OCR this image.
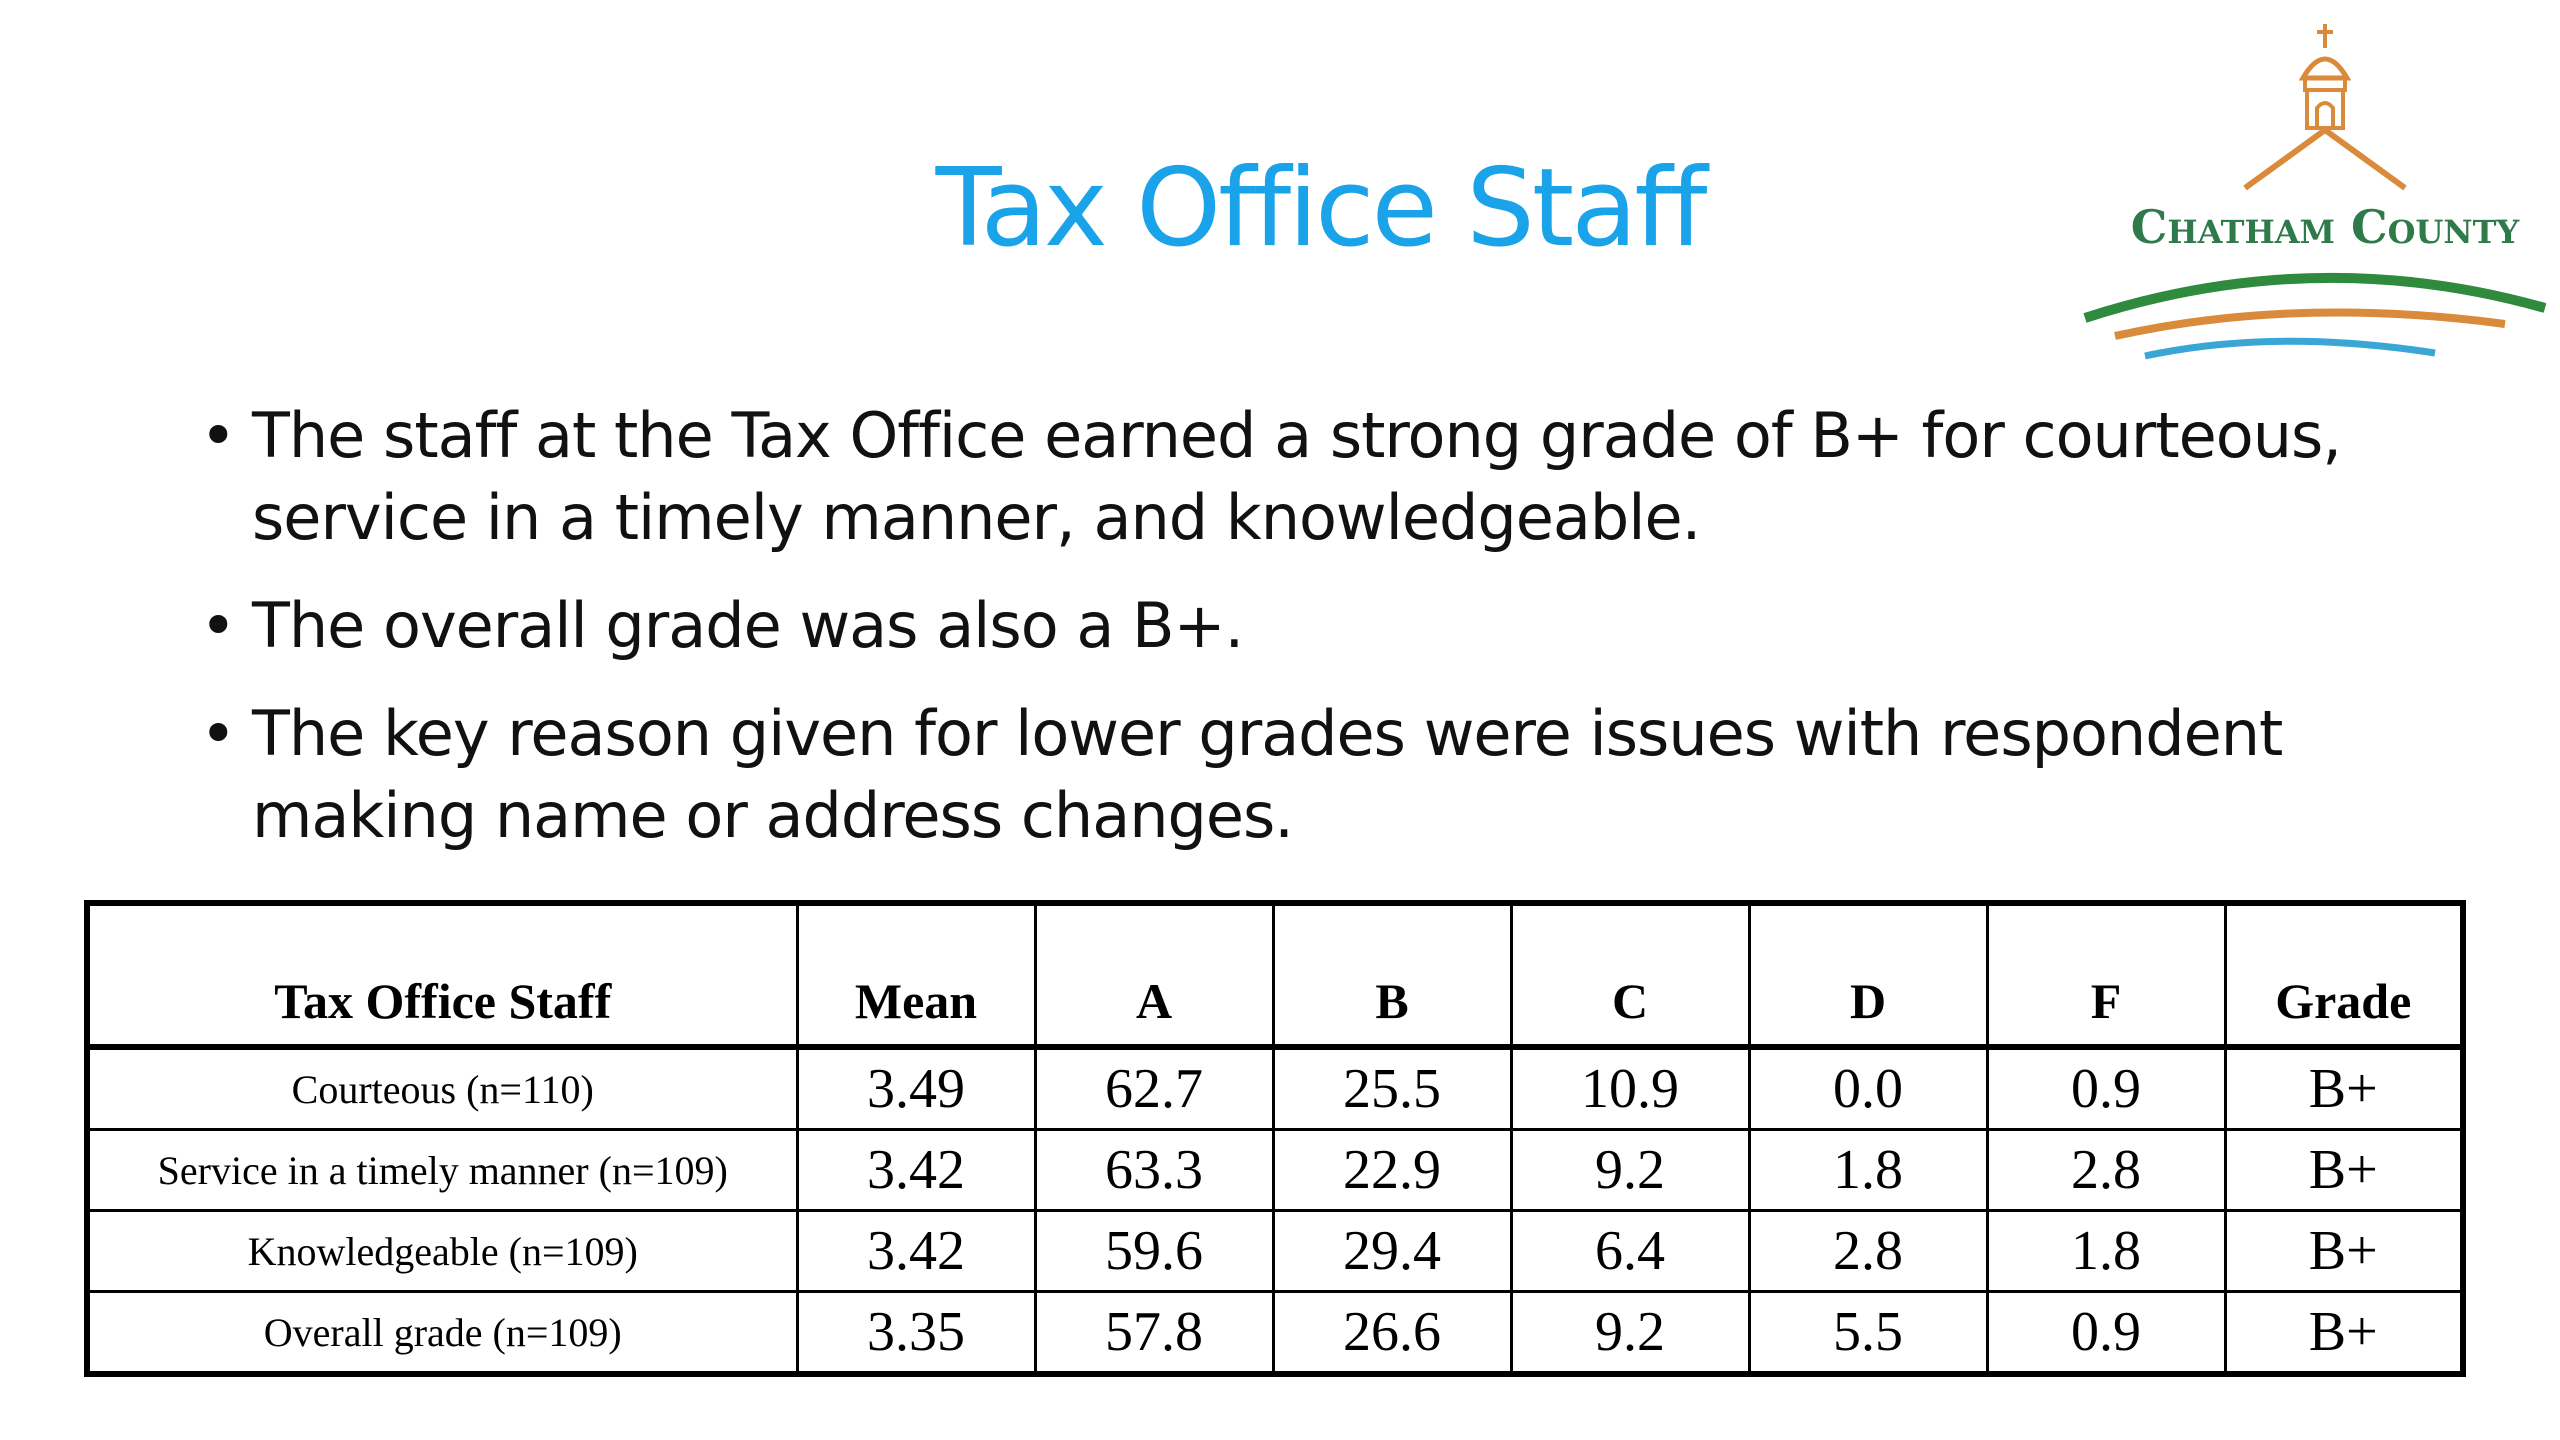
Tax Office Staff	Chatham County
• The staff at the Tax Office earned a strong grade of B+ for courteous, service in a timely manner, and knowledgeable.
• The overall grade was also a B+.
• The key reason given for lower grades were issues with respondent making name or address changes.
Tax Office Staff	Mean	A	B	C	D	F	Grade
Courteous (n=110)	3.49	62.7	25.5	10.9	0.0	0.9	B+
Service in a timely manner (n=109)	3.42	63.3	22.9	9.2	1.8	2.8	B+
Knowledgeable (n=109)	3.42	59.6	29.4	6.4	2.8	1.8	B+
Overall grade (n=109)	3.35	57.8	26.6	9.2	5.5	0.9	B+
